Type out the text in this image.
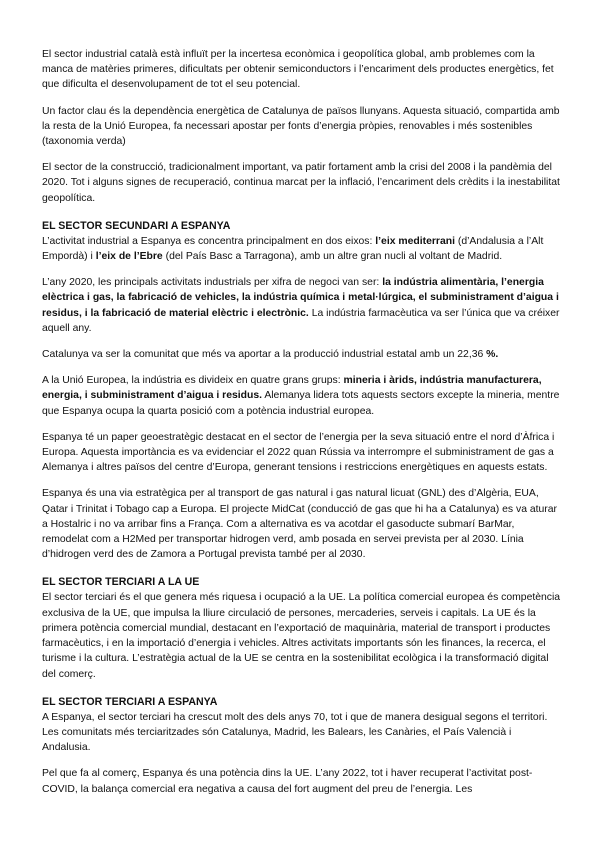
El sector industrial català està influït per la incertesa econòmica i geopolítica global, amb problemes com la manca de matèries primeres, dificultats per obtenir semiconductors i l’encariment dels productes energètics, fet que dificulta el desenvolupament de tot el seu potencial.

Un factor clau és la dependència energètica de Catalunya de països llunyans. Aquesta situació, compartida amb la resta de la Unió Europea, fa necessari apostar per fonts d’energia pròpies, renovables i més sostenibles (taxonomia verda)

El sector de la construcció, tradicionalment important, va patir fortament amb la crisi del 2008 i la pandèmia del 2020. Tot i alguns signes de recuperació, continua marcat per la inflació, l’encariment dels crèdits i la inestabilitat geopolítica.

EL SECTOR SECUNDARI A ESPANYA

L’activitat industrial a Espanya es concentra principalment en dos eixos: l’eix mediterrani (d’Andalusia a l’Alt Empordà) i l’eix de l’Ebre (del País Basc a Tarragona), amb un altre gran nucli al voltant de Madrid.

L’any 2020, les principals activitats industrials per xifra de negoci van ser: la indústria alimentària, l’energia elèctrica i gas, la fabricació de vehicles, la indústria química i metal·lúrgica, el subministrament d’aigua i residus, i la fabricació de material elèctric i electrònic. La indústria farmacèutica va ser l’única que va créixer aquell any.

Catalunya va ser la comunitat que més va aportar a la producció industrial estatal amb un 22,36 %.

A la Unió Europea, la indústria es divideix en quatre grans grups: mineria i àrids, indústria manufacturera, energia, i subministrament d’aigua i residus. Alemanya lidera tots aquests sectors excepte la mineria, mentre que Espanya ocupa la quarta posició com a potència industrial europea.

Espanya té un paper geoestratègic destacat en el sector de l’energia per la seva situació entre el nord d’Àfrica i Europa. Aquesta importància es va evidenciar el 2022 quan Rússia va interrompre el subministrament de gas a Alemanya i altres països del centre d’Europa, generant tensions i restriccions energètiques en aquests estats.

Espanya és una via estratègica per al transport de gas natural i gas natural licuat (GNL) des d’Algèria, EUA, Qatar i Trinitat i Tobago cap a Europa. El projecte MidCat (conducció de gas que hi ha a Catalunya) es va aturar a Hostalric i no va arribar fins a França. Com a alternativa es va acotdar el gasoducte submarí BarMar, remodelat com a H2Med per transportar hidrogen verd, amb posada en servei prevista per al 2030. Línia d’hidrogen verd des de Zamora a Portugal prevista també per al 2030.

EL SECTOR TERCIARI A LA UE

El sector terciari és el que genera més riquesa i ocupació a la UE. La política comercial europea és competència exclusiva de la UE, que impulsa la lliure circulació de persones, mercaderies, serveis i capitals. La UE és la primera potència comercial mundial, destacant en l’exportació de maquinària, material de transport i productes farmacèutics, i en la importació d’energia i vehicles. Altres activitats importants són les finances, la recerca, el turisme i la cultura. L’estratègia actual de la UE se centra en la sostenibilitat ecològica i la transformació digital del comerç.

EL SECTOR TERCIARI A ESPANYA

A Espanya, el sector terciari ha crescut molt des dels anys 70, tot i que de manera desigual segons el territori. Les comunitats més terciaritzades són Catalunya, Madrid, les Balears, les Canàries, el País Valencià i Andalusia.

Pel que fa al comerç, Espanya és una potència dins la UE. L’any 2022, tot i haver recuperat l’activitat post-COVID, la balança comercial era negativa a causa del fort augment del preu de l’energia. Les
